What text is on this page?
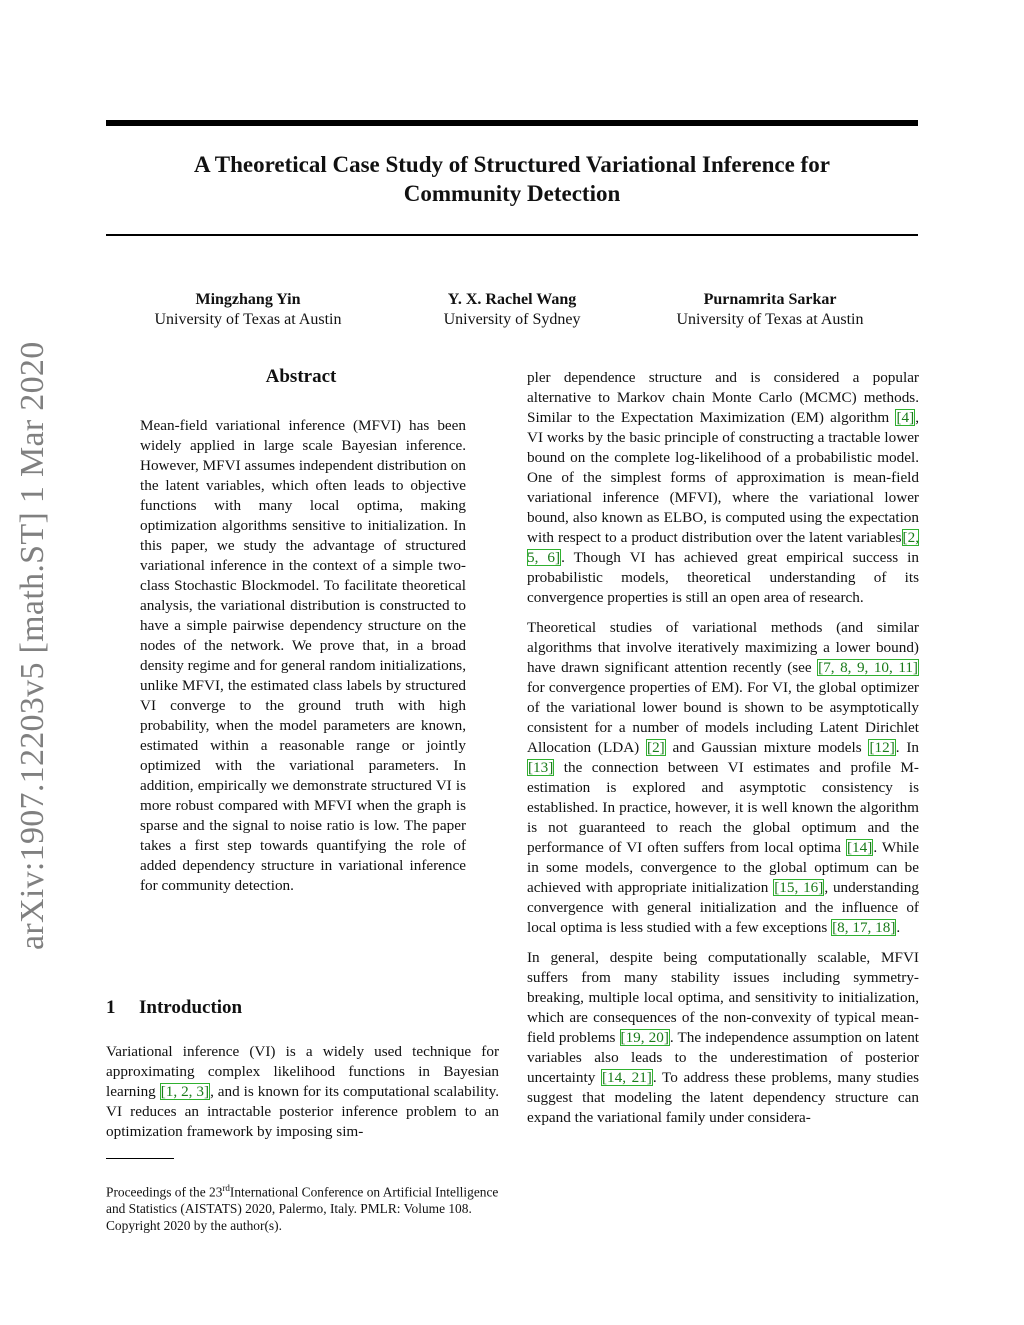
A Theoretical Case Study of Structured Variational Inference for
Community Detection
Mingzhang Yin
University of Texas at Austin
Y. X. Rachel Wang
University of Sydney
Purnamrita Sarkar
University of Texas at Austin
arXiv:1907.12203v5 [math.ST] 1 Mar 2020	Abstract
Mean-field variational inference (MFVI) has been widely applied in large scale Bayesian inference. However, MFVI assumes independent distribution on the latent variables, which often leads to objective functions with many local optima, making optimization algorithms sensitive to initialization. In this paper, we study the advantage of structured variational inference in the context of a simple two-class Stochastic Blockmodel. To facilitate theoretical analysis, the variational distribution is constructed to have a simple pairwise dependency structure on the nodes of the network. We prove that, in a broad density regime and for general random initializations, unlike MFVI, the estimated class labels by structured VI converge to the ground truth with high probability, when the model parameters are known, estimated within a reasonable range or jointly optimized with the variational parameters. In addition, empirically we demonstrate structured VI is more robust compared with MFVI when the graph is sparse and the signal to noise ratio is low. The paper takes a first step towards quantifying the role of added dependency structure in variational inference for community detection.
1 Introduction
Variational inference (VI) is a widely used technique for approximating complex likelihood functions in Bayesian learning [1, 2, 3], and is known for its computational scalability. VI reduces an intractable posterior inference problem to an optimization framework by imposing sim-
Proceedings of the 23rdInternational Conference on Artificial Intelligence and Statistics (AISTATS) 2020, Palermo, Italy. PMLR: Volume 108. Copyright 2020 by the author(s).

pler dependence structure and is considered a popular alternative to Markov chain Monte Carlo (MCMC) methods. Similar to the Expectation Maximization (EM) algorithm [4], VI works by the basic principle of constructing a tractable lower bound on the complete log-likelihood of a probabilistic model. One of the simplest forms of approximation is mean-field variational inference (MFVI), where the variational lower bound, also known as ELBO, is computed using the expectation with respect to a product distribution over the latent variables[2, 5, 6]. Though VI has achieved great empirical success in probabilistic models, theoretical understanding of its convergence properties is still an open area of research.

Theoretical studies of variational methods (and similar algorithms that involve iteratively maximizing a lower bound) have drawn significant attention recently (see [7, 8, 9, 10, 11] for convergence properties of EM). For VI, the global optimizer of the variational lower bound is shown to be asymptotically consistent for a number of models including Latent Dirichlet Allocation (LDA) [2] and Gaussian mixture models [12]. In [13] the connection between VI estimates and profile M-estimation is explored and asymptotic consistency is established. In practice, however, it is well known the algorithm is not guaranteed to reach the global optimum and the performance of VI often suffers from local optima [14]. While in some models, convergence to the global optimum can be achieved with appropriate initialization [15, 16], understanding convergence with general initialization and the influence of local optima is less studied with a few exceptions [8, 17, 18].

In general, despite being computationally scalable, MFVI suffers from many stability issues including symmetry-breaking, multiple local optima, and sensitivity to initialization, which are consequences of the non-convexity of typical mean-field problems [19, 20]. The independence assumption on latent variables also leads to the underestimation of posterior uncertainty [14, 21]. To address these problems, many studies suggest that modeling the latent dependency structure can expand the variational family under considera-
